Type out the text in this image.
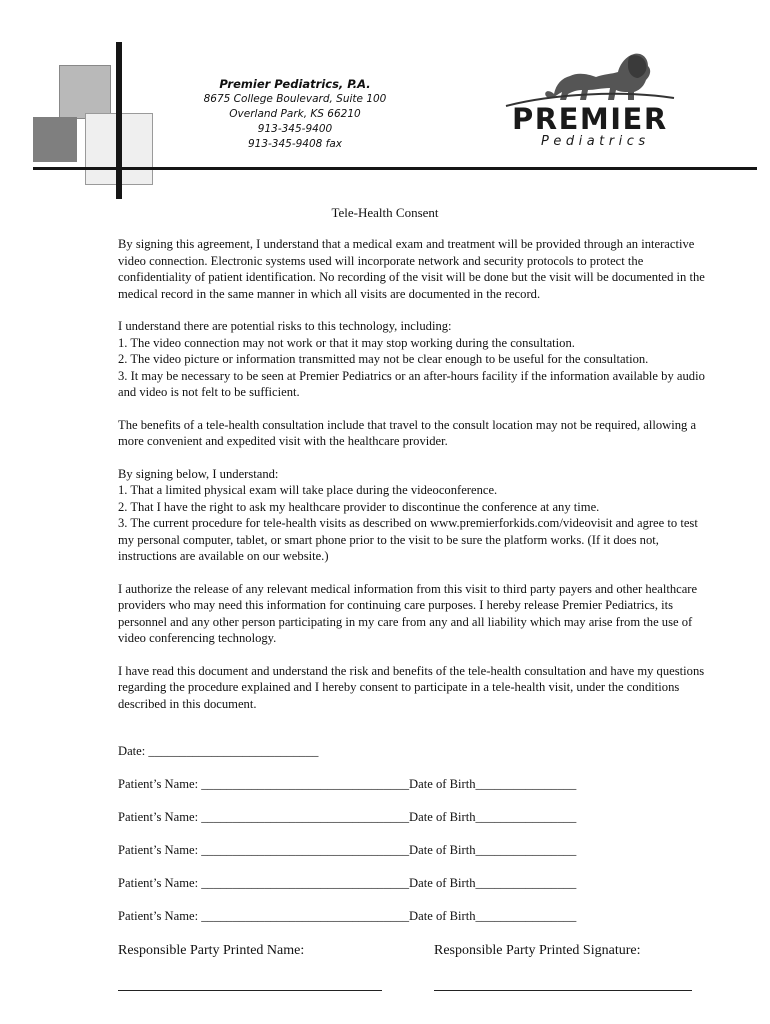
Premier Pediatrics, P.A.
8675 College Boulevard, Suite 100
Overland Park, KS 66210
913-345-9400
913-345-9408 fax
PREMIER
Pediatrics
Tele-Health Consent

By signing this agreement, I understand that a medical exam and treatment will be provided through an interactive video connection. Electronic systems used will incorporate network and security protocols to protect the confidentiality of patient identification. No recording of the visit will be done but the visit will be documented in the medical record in the same manner in which all visits are documented in the record.

I understand there are potential risks to this technology, including:
1. The video connection may not work or that it may stop working during the consultation.
2. The video picture or information transmitted may not be clear enough to be useful for the consultation.
3. It may be necessary to be seen at Premier Pediatrics or an after-hours facility if the information available by audio and video is not felt to be sufficient.

The benefits of a tele-health consultation include that travel to the consult location may not be required, allowing a more convenient and expedited visit with the healthcare provider.

By signing below, I understand:
1. That a limited physical exam will take place during the videoconference.
2. That I have the right to ask my healthcare provider to discontinue the conference at any time.
3. The current procedure for tele-health visits as described on www.premierforkids.com/videovisit and agree to test my personal computer, tablet, or smart phone prior to the visit to be sure the platform works. (If it does not, instructions are available on our website.)

I authorize the release of any relevant medical information from this visit to third party payers and other healthcare providers who may need this information for continuing care purposes. I hereby release Premier Pediatrics, its personnel and any other person participating in my care from any and all liability which may arise from the use of video conferencing technology.

I have read this document and understand the risk and benefits of the tele-health consultation and have my questions regarding the procedure explained and I hereby consent to participate in a tele-health visit, under the conditions described in this document.

Date: ___________________________
Patient’s Name: _________________________________Date of Birth________________
Patient’s Name: _________________________________Date of Birth________________
Patient’s Name: _________________________________Date of Birth________________
Patient’s Name: _________________________________Date of Birth________________
Patient’s Name: _________________________________Date of Birth________________
Responsible Party Printed Name:	Responsible Party Printed Signature:
